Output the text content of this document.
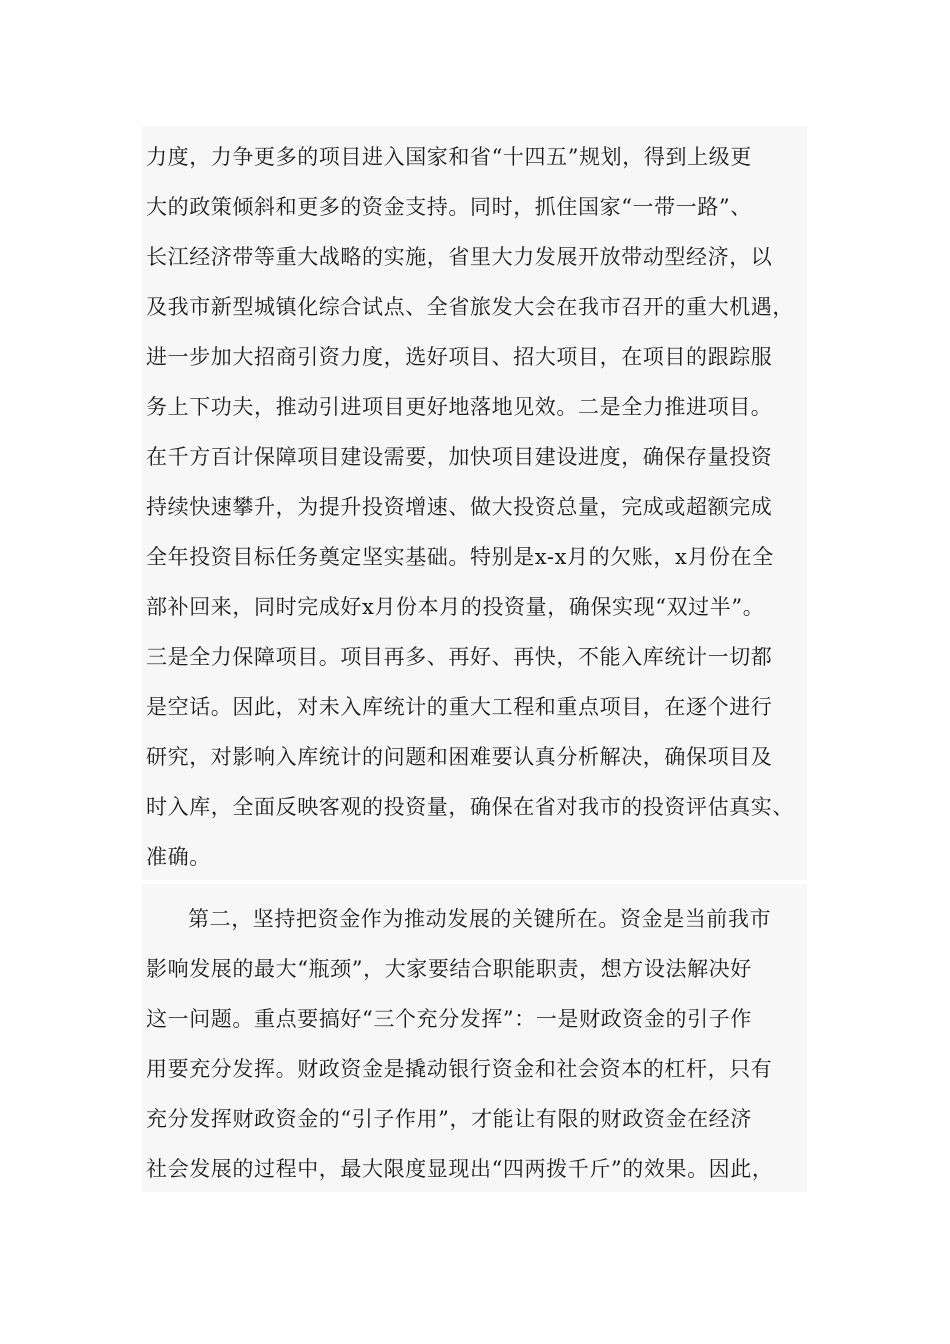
力度，力争更多的项目进入国家和省“十四五”规划，得到上级更
大的政策倾斜和更多的资金支持。同时，抓住国家“一带一路”、
长江经济带等重大战略的实施，省里大力发展开放带动型经济，以
及我市新型城镇化综合试点、全省旅发大会在我市召开的重大机遇，
进一步加大招商引资力度，选好项目、招大项目，在项目的跟踪服
务上下功夫，推动引进项目更好地落地见效。二是全力推进项目。
在千方百计保障项目建设需要，加快项目建设进度，确保存量投资
持续快速攀升，为提升投资增速、做大投资总量，完成或超额完成
全年投资目标任务奠定坚实基础。特别是x-x月的欠账，x月份在全
部补回来，同时完成好x月份本月的投资量，确保实现“双过半”。
三是全力保障项目。项目再多、再好、再快，不能入库统计一切都
是空话。因此，对未入库统计的重大工程和重点项目，在逐个进行
研究，对影响入库统计的问题和困难要认真分析解决，确保项目及
时入库，全面反映客观的投资量，确保在省对我市的投资评估真实、
准确。
第二，坚持把资金作为推动发展的关键所在。资金是当前我市
影响发展的最大“瓶颈”，大家要结合职能职责，想方设法解决好
这一问题。重点要搞好“三个充分发挥”：一是财政资金的引子作
用要充分发挥。财政资金是撬动银行资金和社会资本的杠杆，只有
充分发挥财政资金的“引子作用”，才能让有限的财政资金在经济
社会发展的过程中，最大限度显现出“四两拨千斤”的效果。因此，
